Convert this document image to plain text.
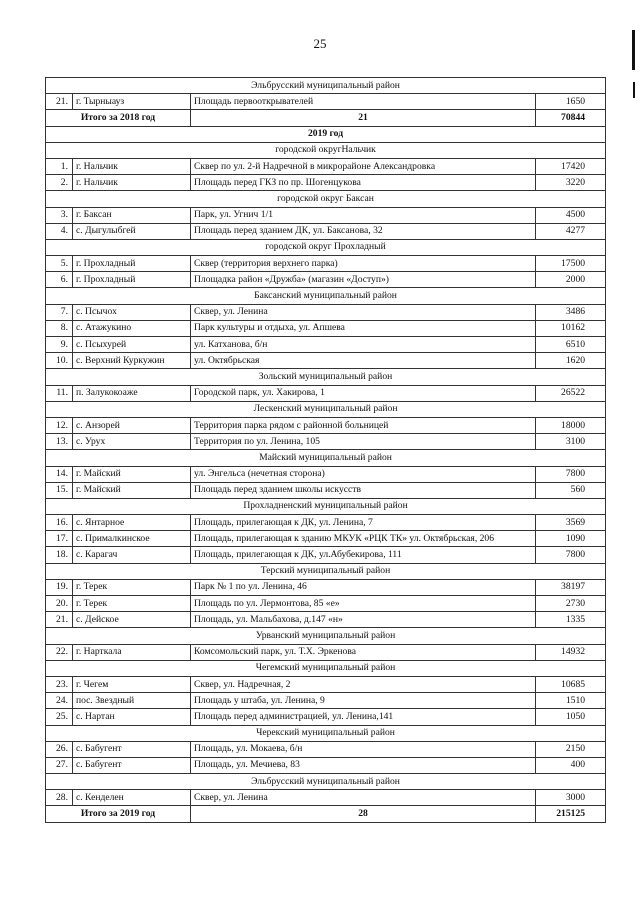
25
Эльбрусский муниципальный район			
21.	г. Тырныауз	Площадь первооткрывателей	1650
Итого за 2018 год		21	70844
2019 год			
городской округНальчик			
1.	г. Нальчик	Сквер по ул. 2-й Надречной в микрорайоне Александровка	17420
2.	г. Нальчик	Площадь перед ГКЗ по пр. Шогенцукова	3220
городской округ Баксан			
3.	г. Баксан	Парк, ул. Угнич 1/1	4500
4.	с. Дыгулыбгей	Площадь перед зданием ДК, ул. Баксанова, 32	4277
городской округ Прохладный			
5.	г. Прохладный	Сквер (территория верхнего парка)	17500
6.	г. Прохладный	Площадка район «Дружба» (магазин «Доступ»)	2000
Баксанский муниципальный район			
7.	с. Псычох	Сквер, ул. Ленина	3486
8.	с. Атажукино	Парк культуры и отдыха, ул. Апшева	10162
9.	с. Псыхурей	ул. Катханова, б/н	6510
10.	с. Верхний Куркужин	ул. Октябрьская	1620
Зольский муниципальный район			
11.	п. Залукокоаже	Городской парк, ул. Хакирова, 1	26522
Лескенский муниципальный район			
12.	с. Анзорей	Территория парка рядом с районной больницей	18000
13.	с. Урух	Территория по ул. Ленина, 105	3100
Майский муниципальный район			
14.	г. Майский	ул. Энгельса (нечетная сторона)	7800
15.	г. Майский	Площадь перед зданием школы искусств	560
Прохладненский муниципальный район			
16.	с. Янтарное	Площадь, прилегающая к ДК, ул. Ленина, 7	3569
17.	с. Прималкинское	Площадь, прилегающая к зданию МКУК «РЦК ТК» ул. Октябрьская, 206	1090
18.	с. Карагач	Площадь, прилегающая к ДК, ул.Абубекирова, 111	7800
Терский муниципальный район			
19.	г. Терек	Парк № 1 по ул. Ленина, 46	38197
20.	г. Терек	Площадь по ул. Лермонтова, 85 «е»	2730
21.	с. Дейское	Площадь, ул. Мальбахова, д.147 «н»	1335
Урванский муниципальный район			
22.	г. Нарткала	Комсомольский парк, ул. Т.Х. Эркенова	14932
Чегемский муниципальный район			
23.	г. Чегем	Сквер, ул. Надречная, 2	10685
24.	пос. Звездный	Площадь у штаба, ул. Ленина, 9	1510
25.	с. Нартан	Площадь перед администрацией, ул. Ленина,141	1050
Черекский муниципальный район			
26.	с. Бабугент	Площадь, ул. Мокаева, б/н	2150
27.	с. Бабугент	Площадь, ул. Мечиева, 83	400
Эльбрусский муниципальный район			
28.	с. Кенделен	Сквер, ул. Ленина	3000
Итого за 2019 год		28	215125
